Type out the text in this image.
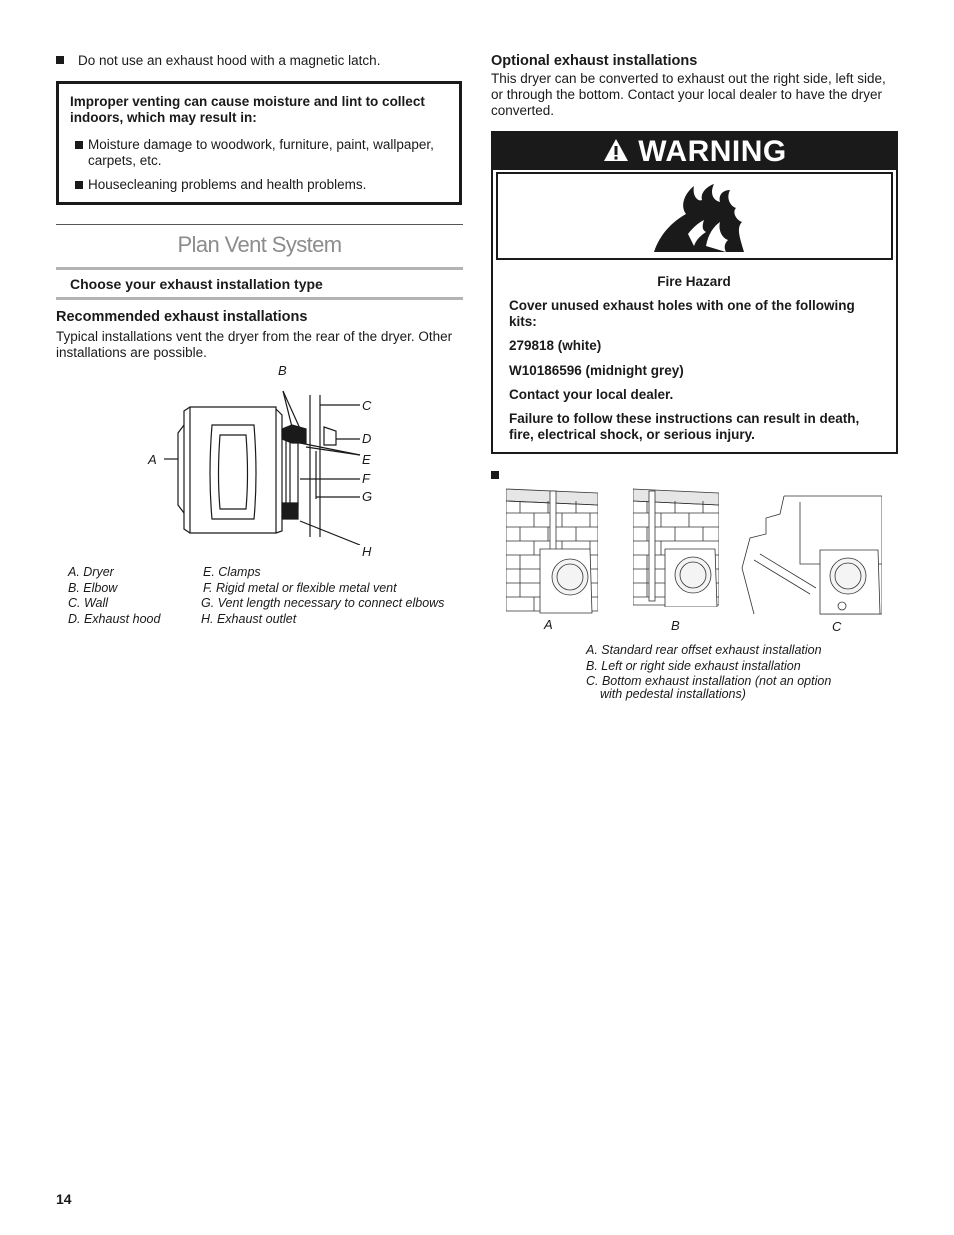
Do not use an exhaust hood with a magnetic latch.
Improper venting can cause moisture and lint to collect indoors, which may result in:
Moisture damage to woodwork, furniture, paint, wallpaper, carpets, etc.
Housecleaning problems and health problems.
Plan Vent System
Choose your exhaust installation type
Recommended exhaust installations
Typical installations vent the dryer from the rear of the dryer. Other installations are possible.
B
C
D
A	E
F
G
H
A. Dryer
B. Elbow
C. Wall
D. Exhaust hood
E. Clamps
F. Rigid metal or flexible metal vent
G. Vent length necessary to connect elbows
H. Exhaust outlet
Optional exhaust installations
This dryer can be converted to exhaust out the right side, left side, or through the bottom. Contact your local dealer to have the dryer converted.
WARNING
Fire Hazard
Cover unused exhaust holes with one of the following kits:
279818 (white)
W10186596 (midnight grey)
Contact your local dealer.
Failure to follow these instructions can result in death, fire, electrical shock, or serious injury.
A	B	C
A. Standard rear offset exhaust installation
B. Left or right side exhaust installation
C. Bottom exhaust installation (not an option
with pedestal installations)
14
